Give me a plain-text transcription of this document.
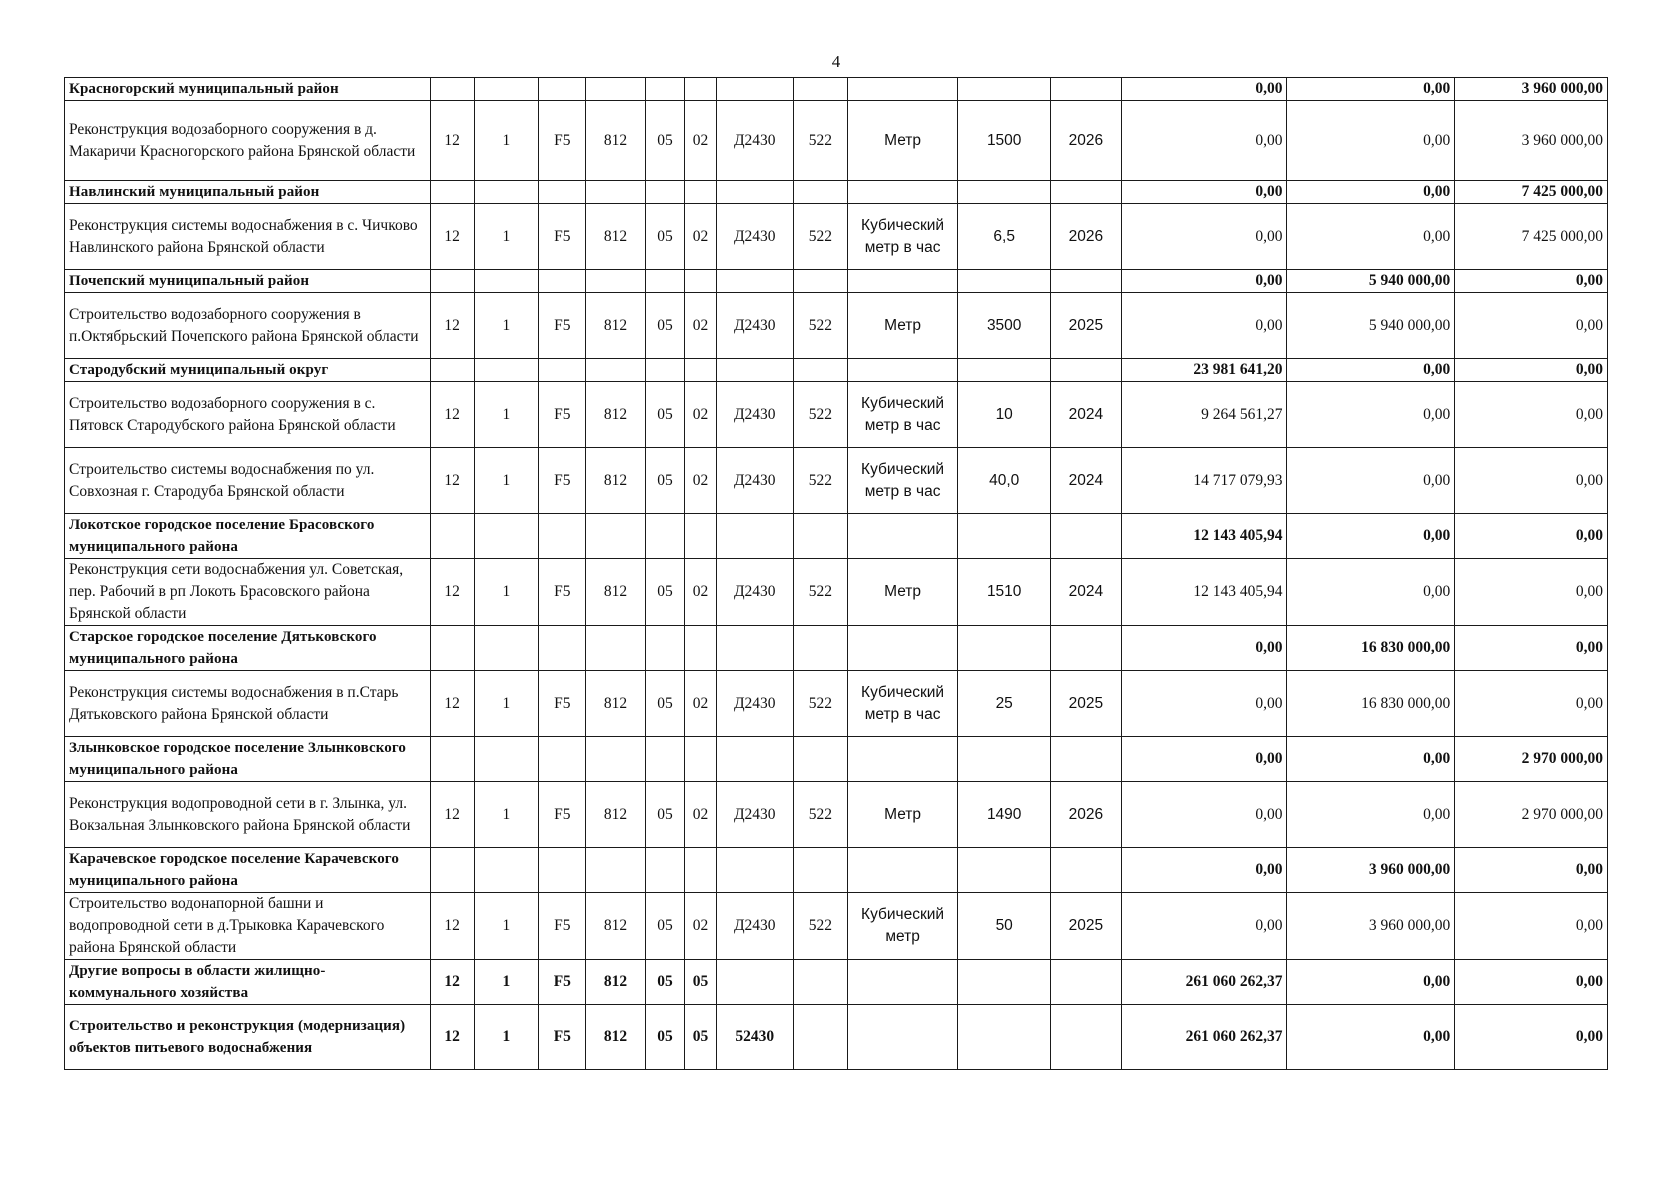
4
Красногорский муниципальный район												0,00	0,00	3 960 000,00
Реконструкция водозаборного сооружения в д. Макаричи Красногорского района Брянской области	12	1	F5	812	05	02	Д2430	522	Метр	1500	2026	0,00	0,00	3 960 000,00
Навлинский муниципальный район												0,00	0,00	7 425 000,00
Реконструкция системы водоснабжения в с. Чичково Навлинского района Брянской области	12	1	F5	812	05	02	Д2430	522	Кубический метр в час	6,5	2026	0,00	0,00	7 425 000,00
Почепский муниципальный район												0,00	5 940 000,00	0,00
Строительство водозаборного сооружения в п.Октябрьский Почепского района Брянской области	12	1	F5	812	05	02	Д2430	522	Метр	3500	2025	0,00	5 940 000,00	0,00
Стародубский муниципальный округ												23 981 641,20	0,00	0,00
Строительство водозаборного сооружения в с. Пятовск Стародубского района Брянской области	12	1	F5	812	05	02	Д2430	522	Кубический метр в час	10	2024	9 264 561,27	0,00	0,00
Строительство системы водоснабжения по ул. Совхозная г. Стародуба Брянской области	12	1	F5	812	05	02	Д2430	522	Кубический метр в час	40,0	2024	14 717 079,93	0,00	0,00
Локотское городское поселение Брасовского муниципального района												12 143 405,94	0,00	0,00
Реконструкция сети водоснабжения ул. Советская, пер. Рабочий в рп Локоть Брасовского района Брянской области	12	1	F5	812	05	02	Д2430	522	Метр	1510	2024	12 143 405,94	0,00	0,00
Старское городское поселение Дятьковского муниципального района												0,00	16 830 000,00	0,00
Реконструкция системы водоснабжения в п.Старь Дятьковского района Брянской области	12	1	F5	812	05	02	Д2430	522	Кубический метр в час	25	2025	0,00	16 830 000,00	0,00
Злынковское городское поселение Злынковского муниципального района												0,00	0,00	2 970 000,00
Реконструкция водопроводной сети в г. Злынка, ул. Вокзальная Злынковского района Брянской области	12	1	F5	812	05	02	Д2430	522	Метр	1490	2026	0,00	0,00	2 970 000,00
Карачевское городское поселение Карачевского муниципального района												0,00	3 960 000,00	0,00
Строительство водонапорной башни и водопроводной сети в д.Трыковка Карачевского района Брянской области	12	1	F5	812	05	02	Д2430	522	Кубический метр	50	2025	0,00	3 960 000,00	0,00
Другие вопросы в области жилищно-коммунального хозяйства	12	1	F5	812	05	05						261 060 262,37	0,00	0,00
Строительство и реконструкция (модернизация) объектов питьевого водоснабжения	12	1	F5	812	05	05	52430					261 060 262,37	0,00	0,00
